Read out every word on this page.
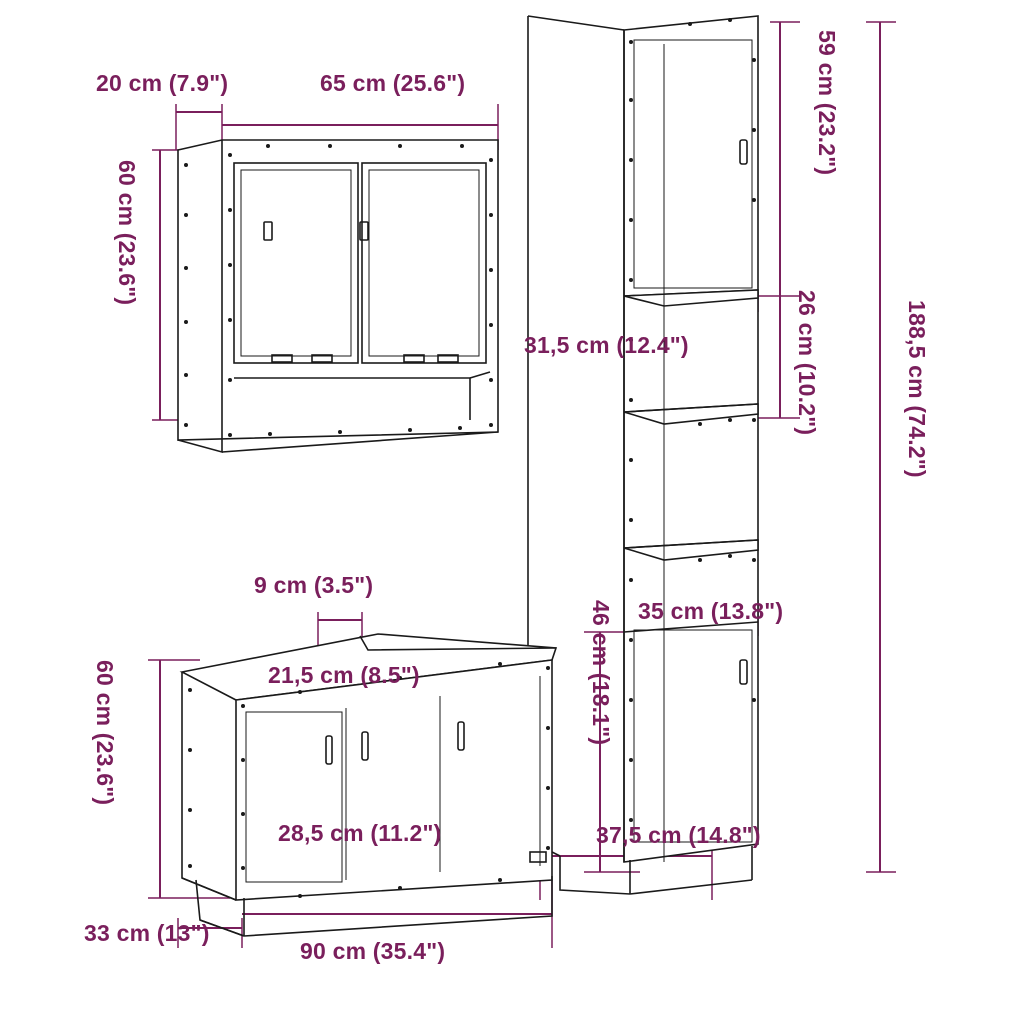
20 cm (7.9")	65 cm (25.6")
60 cm (23.6")
59 cm (23.2")
26 cm (10.2")
31,5 cm (12.4")	188,5 cm (74.2")
46 cm (18.1") 35 cm (13.8")
37,5 cm (14.8")
9 cm (3.5")
21,5 cm (8.5")
28,5 cm (11.2")
60 cm (23.6")
33 cm (13")
90 cm (35.4")
